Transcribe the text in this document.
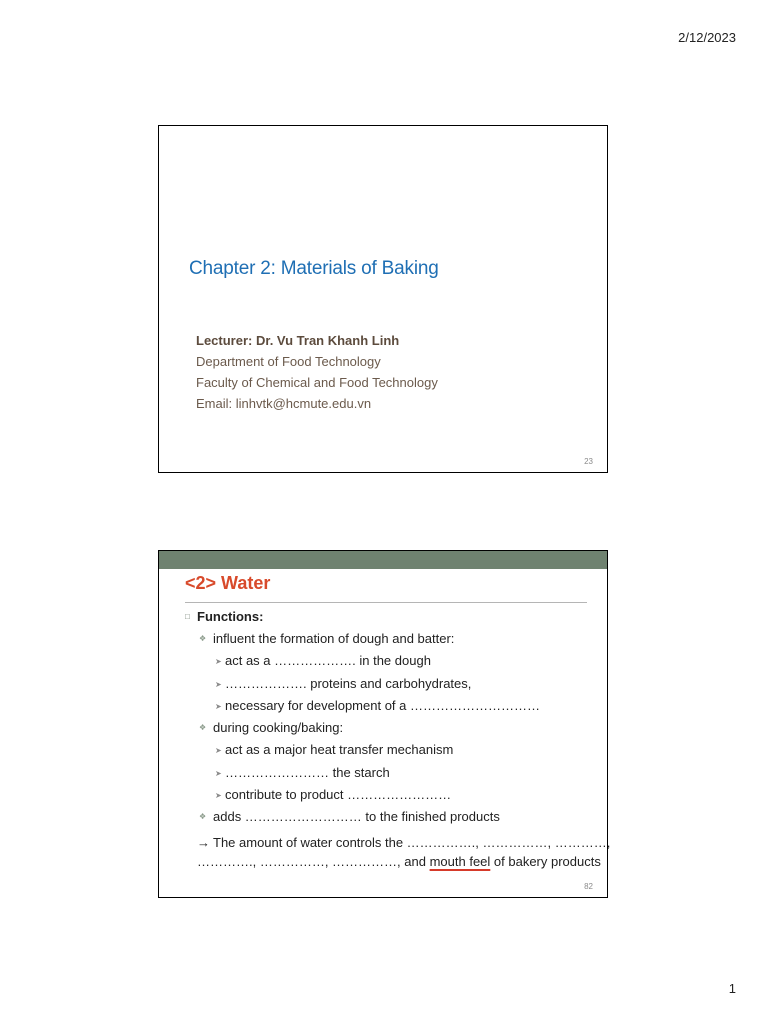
2/12/2023
Chapter 2: Materials of Baking
Lecturer: Dr. Vu Tran Khanh Linh
Department of Food Technology
Faculty of Chemical and Food Technology
Email: linhvtk@hcmute.edu.vn
23
<2> Water
□ Functions:
❖ influent the formation of dough and batter:
➤ act as a ………………. in the dough
➤ ………………. proteins and carbohydrates,
➤ necessary for development of a …………………………
❖ during cooking/baking:
➤ act as a major heat transfer mechanism
➤ …………………… the starch
➤ contribute to product ……………………
❖ adds ……………………… to the finished products
→ The amount of water controls the ……………., ……………, …………,
…………., ……………, ……………, and mouth feel of bakery products
82
1
